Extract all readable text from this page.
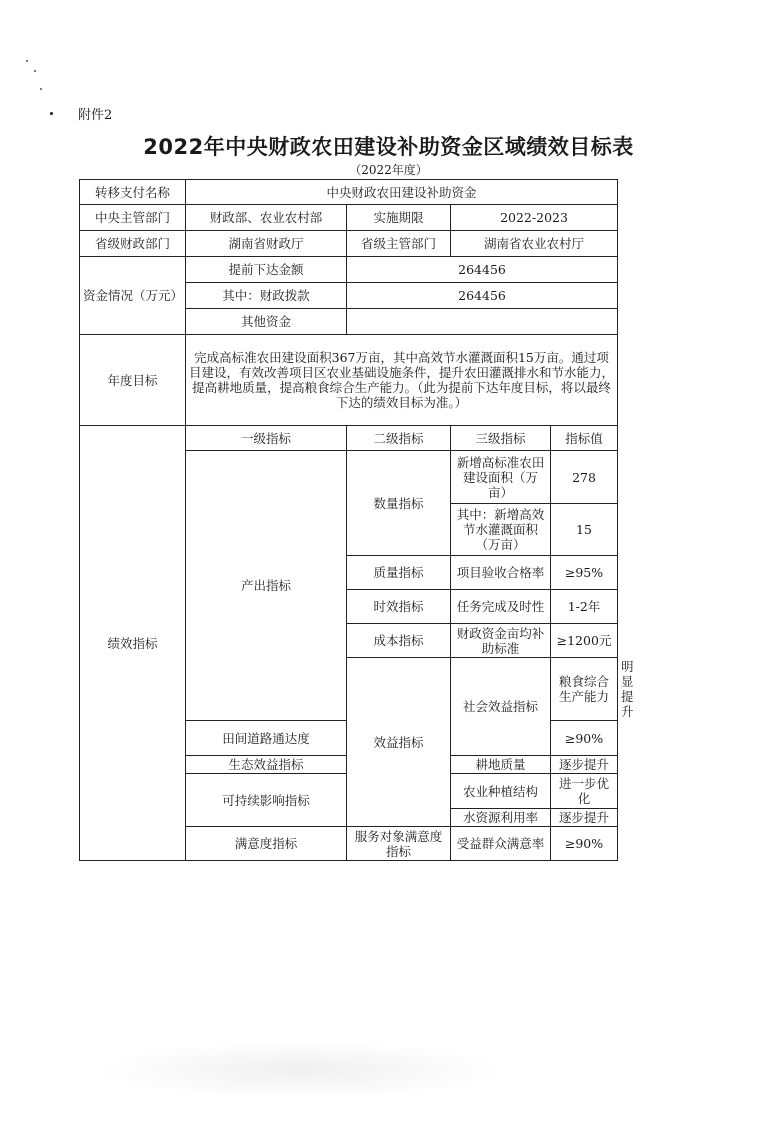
附件2
2022年中央财政农田建设补助资金区域绩效目标表
（2022年度）
转移支付名称	中央财政农田建设补助资金				
中央主管部门	财政部、农业农村部	实施期限	2022-2023		
省级财政部门	湖南省财政厅	省级主管部门	湖南省农业农村厅		
资金情况（万元）	提前下达金额	264456			
	其中：财政拨款	264456			
	其他资金				
年度目标	完成高标准农田建设面积367万亩，其中高效节水灌溉面积15万亩。通过项目建设，有效改善项目区农业基础设施条件，提升农田灌溉排水和节水能力，提高耕地质量，提高粮食综合生产能力。（此为提前下达年度目标，将以最终下达的绩效目标为准。）				
绩效指标	一级指标	二级指标	三级指标	指标值	
	产出指标	数量指标	新增高标准农田建设面积（万亩）	278	
			其中：新增高效节水灌溉面积（万亩）	15	
		质量指标	项目验收合格率	≥95%	
		时效指标	任务完成及时性	1-2年	
		成本指标	财政资金亩均补助标准	≥1200元	
		效益指标	社会效益指标	粮食综合生产能力	明显提升
	田间道路通达度			≥90%	
	生态效益指标		耕地质量	逐步提升	
	可持续影响指标		农业种植结构	进一步优化	
			水资源利用率	逐步提升	
	满意度指标	服务对象满意度指标	受益群众满意率	≥90%	
